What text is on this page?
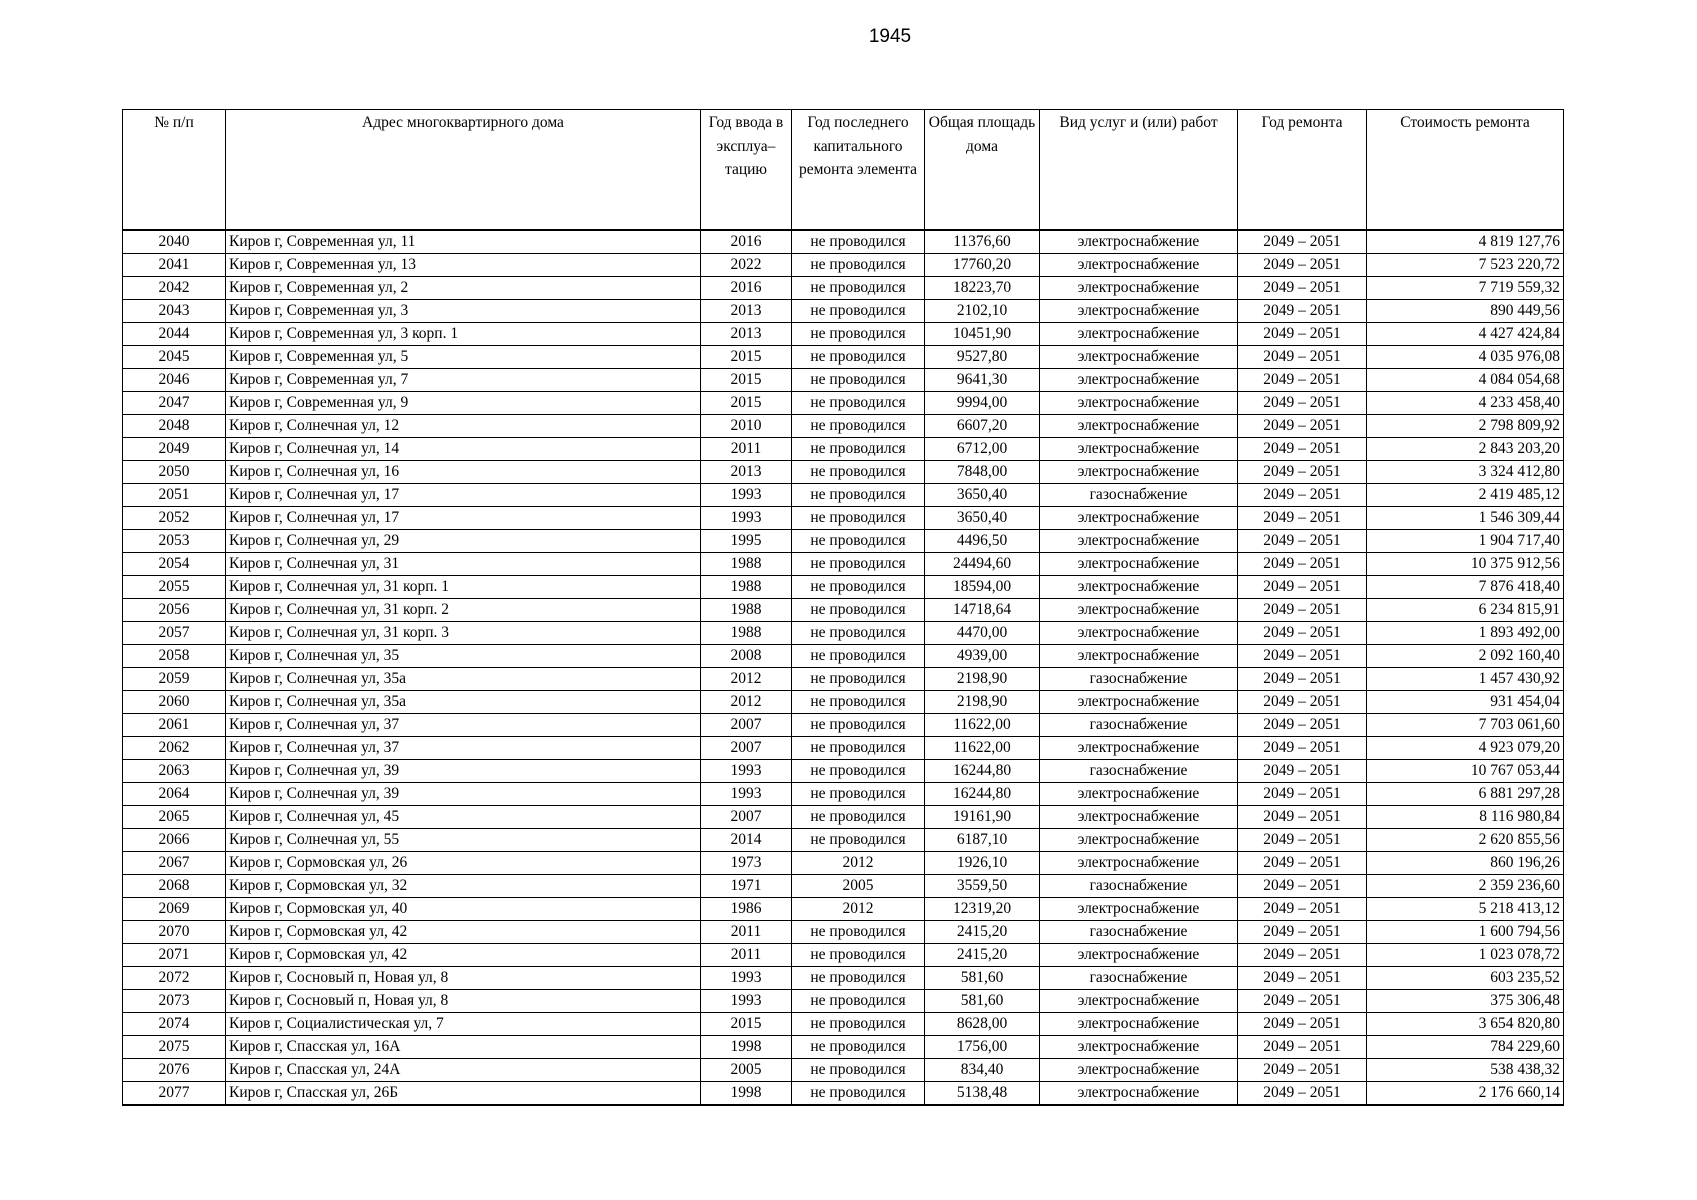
1945
№ п/п	Адрес многоквартирного дома	Год ввода в эксплуа–тацию	Год последнего капитального ремонта элемента	Общая площадь дома	Вид услуг и (или) работ	Год ремонта	Стоимость ремонта
2040	Киров г, Современная ул, 11	2016	не проводился	11376,60	электроснабжение	2049 – 2051	4 819 127,76
2041	Киров г, Современная ул, 13	2022	не проводился	17760,20	электроснабжение	2049 – 2051	7 523 220,72
2042	Киров г, Современная ул, 2	2016	не проводился	18223,70	электроснабжение	2049 – 2051	7 719 559,32
2043	Киров г, Современная ул, 3	2013	не проводился	2102,10	электроснабжение	2049 – 2051	890 449,56
2044	Киров г, Современная ул, 3 корп. 1	2013	не проводился	10451,90	электроснабжение	2049 – 2051	4 427 424,84
2045	Киров г, Современная ул, 5	2015	не проводился	9527,80	электроснабжение	2049 – 2051	4 035 976,08
2046	Киров г, Современная ул, 7	2015	не проводился	9641,30	электроснабжение	2049 – 2051	4 084 054,68
2047	Киров г, Современная ул, 9	2015	не проводился	9994,00	электроснабжение	2049 – 2051	4 233 458,40
2048	Киров г, Солнечная ул, 12	2010	не проводился	6607,20	электроснабжение	2049 – 2051	2 798 809,92
2049	Киров г, Солнечная ул, 14	2011	не проводился	6712,00	электроснабжение	2049 – 2051	2 843 203,20
2050	Киров г, Солнечная ул, 16	2013	не проводился	7848,00	электроснабжение	2049 – 2051	3 324 412,80
2051	Киров г, Солнечная ул, 17	1993	не проводился	3650,40	газоснабжение	2049 – 2051	2 419 485,12
2052	Киров г, Солнечная ул, 17	1993	не проводился	3650,40	электроснабжение	2049 – 2051	1 546 309,44
2053	Киров г, Солнечная ул, 29	1995	не проводился	4496,50	электроснабжение	2049 – 2051	1 904 717,40
2054	Киров г, Солнечная ул, 31	1988	не проводился	24494,60	электроснабжение	2049 – 2051	10 375 912,56
2055	Киров г, Солнечная ул, 31 корп. 1	1988	не проводился	18594,00	электроснабжение	2049 – 2051	7 876 418,40
2056	Киров г, Солнечная ул, 31 корп. 2	1988	не проводился	14718,64	электроснабжение	2049 – 2051	6 234 815,91
2057	Киров г, Солнечная ул, 31 корп. 3	1988	не проводился	4470,00	электроснабжение	2049 – 2051	1 893 492,00
2058	Киров г, Солнечная ул, 35	2008	не проводился	4939,00	электроснабжение	2049 – 2051	2 092 160,40
2059	Киров г, Солнечная ул, 35а	2012	не проводился	2198,90	газоснабжение	2049 – 2051	1 457 430,92
2060	Киров г, Солнечная ул, 35а	2012	не проводился	2198,90	электроснабжение	2049 – 2051	931 454,04
2061	Киров г, Солнечная ул, 37	2007	не проводился	11622,00	газоснабжение	2049 – 2051	7 703 061,60
2062	Киров г, Солнечная ул, 37	2007	не проводился	11622,00	электроснабжение	2049 – 2051	4 923 079,20
2063	Киров г, Солнечная ул, 39	1993	не проводился	16244,80	газоснабжение	2049 – 2051	10 767 053,44
2064	Киров г, Солнечная ул, 39	1993	не проводился	16244,80	электроснабжение	2049 – 2051	6 881 297,28
2065	Киров г, Солнечная ул, 45	2007	не проводился	19161,90	электроснабжение	2049 – 2051	8 116 980,84
2066	Киров г, Солнечная ул, 55	2014	не проводился	6187,10	электроснабжение	2049 – 2051	2 620 855,56
2067	Киров г, Сормовская ул, 26	1973	2012	1926,10	электроснабжение	2049 – 2051	860 196,26
2068	Киров г, Сормовская ул, 32	1971	2005	3559,50	газоснабжение	2049 – 2051	2 359 236,60
2069	Киров г, Сормовская ул, 40	1986	2012	12319,20	электроснабжение	2049 – 2051	5 218 413,12
2070	Киров г, Сормовская ул, 42	2011	не проводился	2415,20	газоснабжение	2049 – 2051	1 600 794,56
2071	Киров г, Сормовская ул, 42	2011	не проводился	2415,20	электроснабжение	2049 – 2051	1 023 078,72
2072	Киров г, Сосновый п, Новая ул, 8	1993	не проводился	581,60	газоснабжение	2049 – 2051	603 235,52
2073	Киров г, Сосновый п, Новая ул, 8	1993	не проводился	581,60	электроснабжение	2049 – 2051	375 306,48
2074	Киров г, Социалистическая ул, 7	2015	не проводился	8628,00	электроснабжение	2049 – 2051	3 654 820,80
2075	Киров г, Спасская ул, 16А	1998	не проводился	1756,00	электроснабжение	2049 – 2051	784 229,60
2076	Киров г, Спасская ул, 24А	2005	не проводился	834,40	электроснабжение	2049 – 2051	538 438,32
2077	Киров г, Спасская ул, 26Б	1998	не проводился	5138,48	электроснабжение	2049 – 2051	2 176 660,14
